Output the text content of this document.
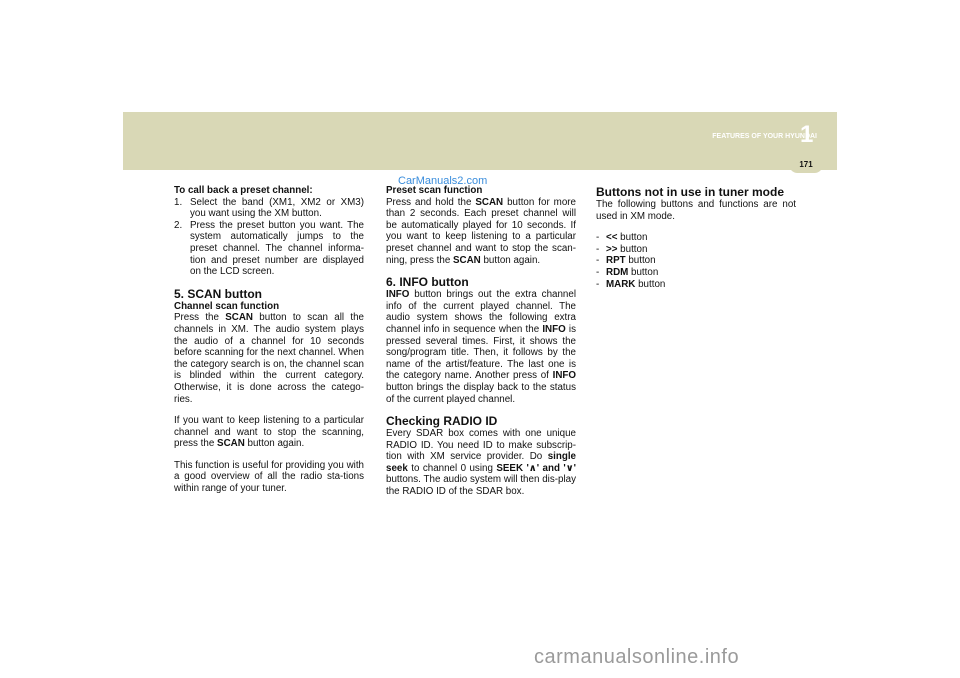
FEATURES OF YOUR HYUNDAI
1
171
CarManuals2.com
To call back a preset channel:
1. Select the band (XM1, XM2 or XM3) you want using the XM button.
2. Press the preset button you want. The system automatically jumps to the preset channel. The channel informa-tion and preset number are displayed on the LCD screen.
5. SCAN button
Channel scan function
Press the SCAN button to scan all the channels in XM. The audio system plays the audio of a channel for 10 seconds before scanning for the next channel. When the category search is on, the channel scan is blinded within the current category. Otherwise, it is done across the catego-ries.
If you want to keep listening to a particular channel and want to stop the scanning, press the SCAN button again.
This function is useful for providing you with a good overview of all the radio sta-tions within range of your tuner.
Preset scan function
Press and hold the SCAN button for more than 2 seconds. Each preset channel will be automatically played for 10 seconds. If you want to keep listening to a particular preset channel and want to stop the scan-ning, press the SCAN button again.
6. INFO button
INFO button brings out the extra channel info of the current played channel. The audio system shows the following extra channel info in sequence when the INFO is pressed several times. First, it shows the song/program title. Then, it follows by the name of the artist/feature. The last one is the category name. Another press of INFO button brings the display back to the status of the current played channel.
Checking RADIO ID
Every SDAR box comes with one unique RADIO ID. You need ID to make subscrip-tion with XM service provider. Do single seek to channel 0 using SEEK '∧' and '∨' buttons. The audio system will then dis-play the RADIO ID of the SDAR box.
Buttons not in use in tuner mode
The following buttons and functions are not used in XM mode.
- << button
- >> button
- RPT button
- RDM button
- MARK button
carmanualsonline.info
